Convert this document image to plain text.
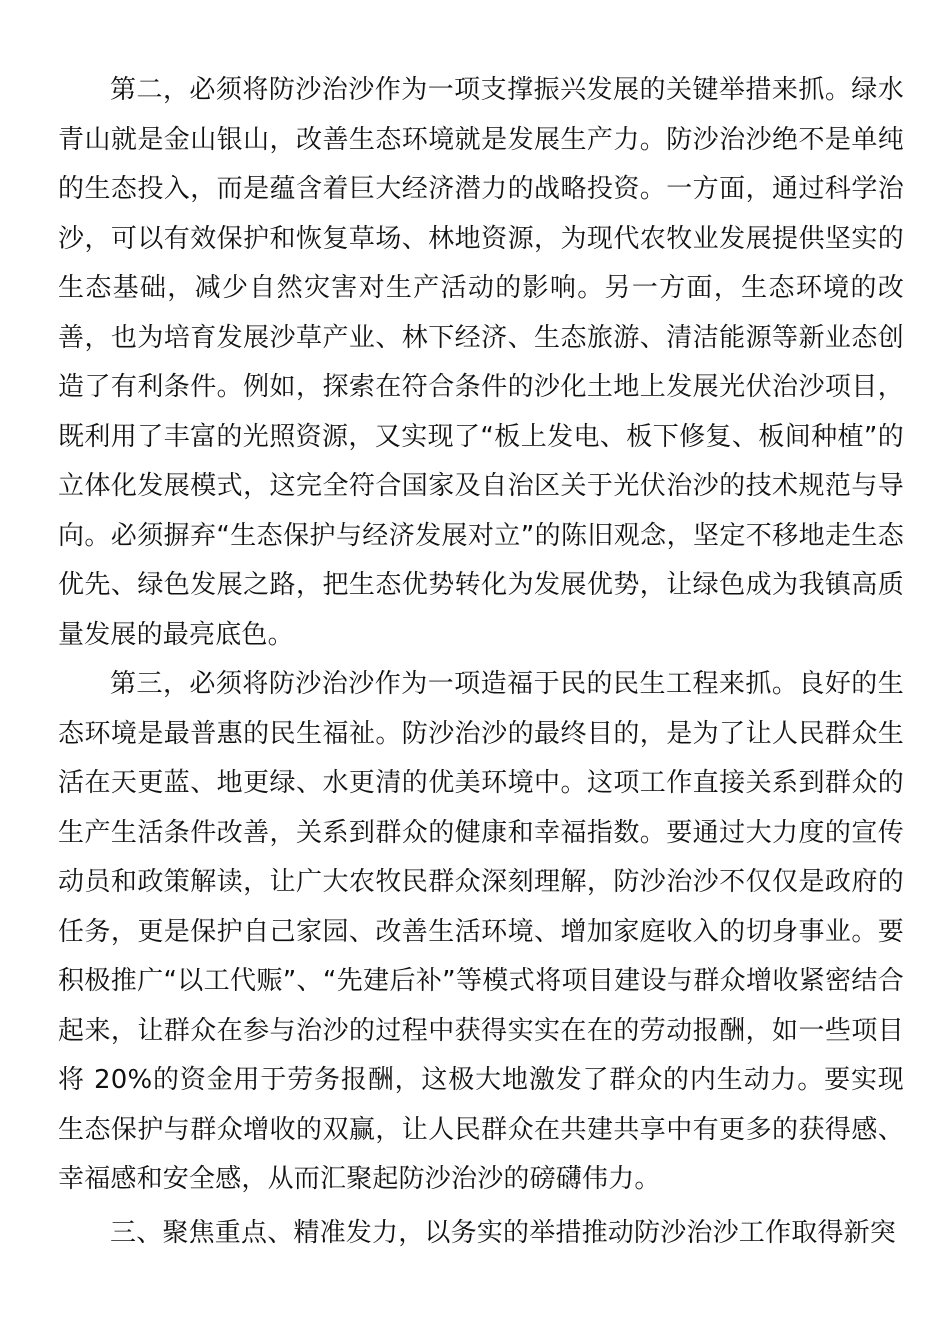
第二，必须将防沙治沙作为一项支撑振兴发展的关键举措来抓。绿水青山就是金山银山，改善生态环境就是发展生产力。防沙治沙绝不是单纯的生态投入，而是蕴含着巨大经济潜力的战略投资。一方面，通过科学治沙，可以有效保护和恢复草场、林地资源，为现代农牧业发展提供坚实的生态基础，减少自然灾害对生产活动的影响。另一方面，生态环境的改善，也为培育发展沙草产业、林下经济、生态旅游、清洁能源等新业态创造了有利条件。例如，探索在符合条件的沙化土地上发展光伏治沙项目，既利用了丰富的光照资源，又实现了“板上发电、板下修复、板间种植”的立体化发展模式，这完全符合国家及自治区关于光伏治沙的技术规范与导向。必须摒弃“生态保护与经济发展对立”的陈旧观念，坚定不移地走生态优先、绿色发展之路，把生态优势转化为发展优势，让绿色成为我镇高质量发展的最亮底色。

第三，必须将防沙治沙作为一项造福于民的民生工程来抓。良好的生态环境是最普惠的民生福祉。防沙治沙的最终目的，是为了让人民群众生活在天更蓝、地更绿、水更清的优美环境中。这项工作直接关系到群众的生产生活条件改善，关系到群众的健康和幸福指数。要通过大力度的宣传动员和政策解读，让广大农牧民群众深刻理解，防沙治沙不仅仅是政府的任务，更是保护自己家园、改善生活环境、增加家庭收入的切身事业。要积极推广“以工代赈”、“先建后补”等模式将项目建设与群众增收紧密结合起来，让群众在参与治沙的过程中获得实实在在的劳动报酬，如一些项目将 20%的资金用于劳务报酬，这极大地激发了群众的内生动力。要实现生态保护与群众增收的双赢，让人民群众在共建共享中有更多的获得感、幸福感和安全感，从而汇聚起防沙治沙的磅礴伟力。

三、聚焦重点、精准发力，以务实的举措推动防沙治沙工作取得新突
